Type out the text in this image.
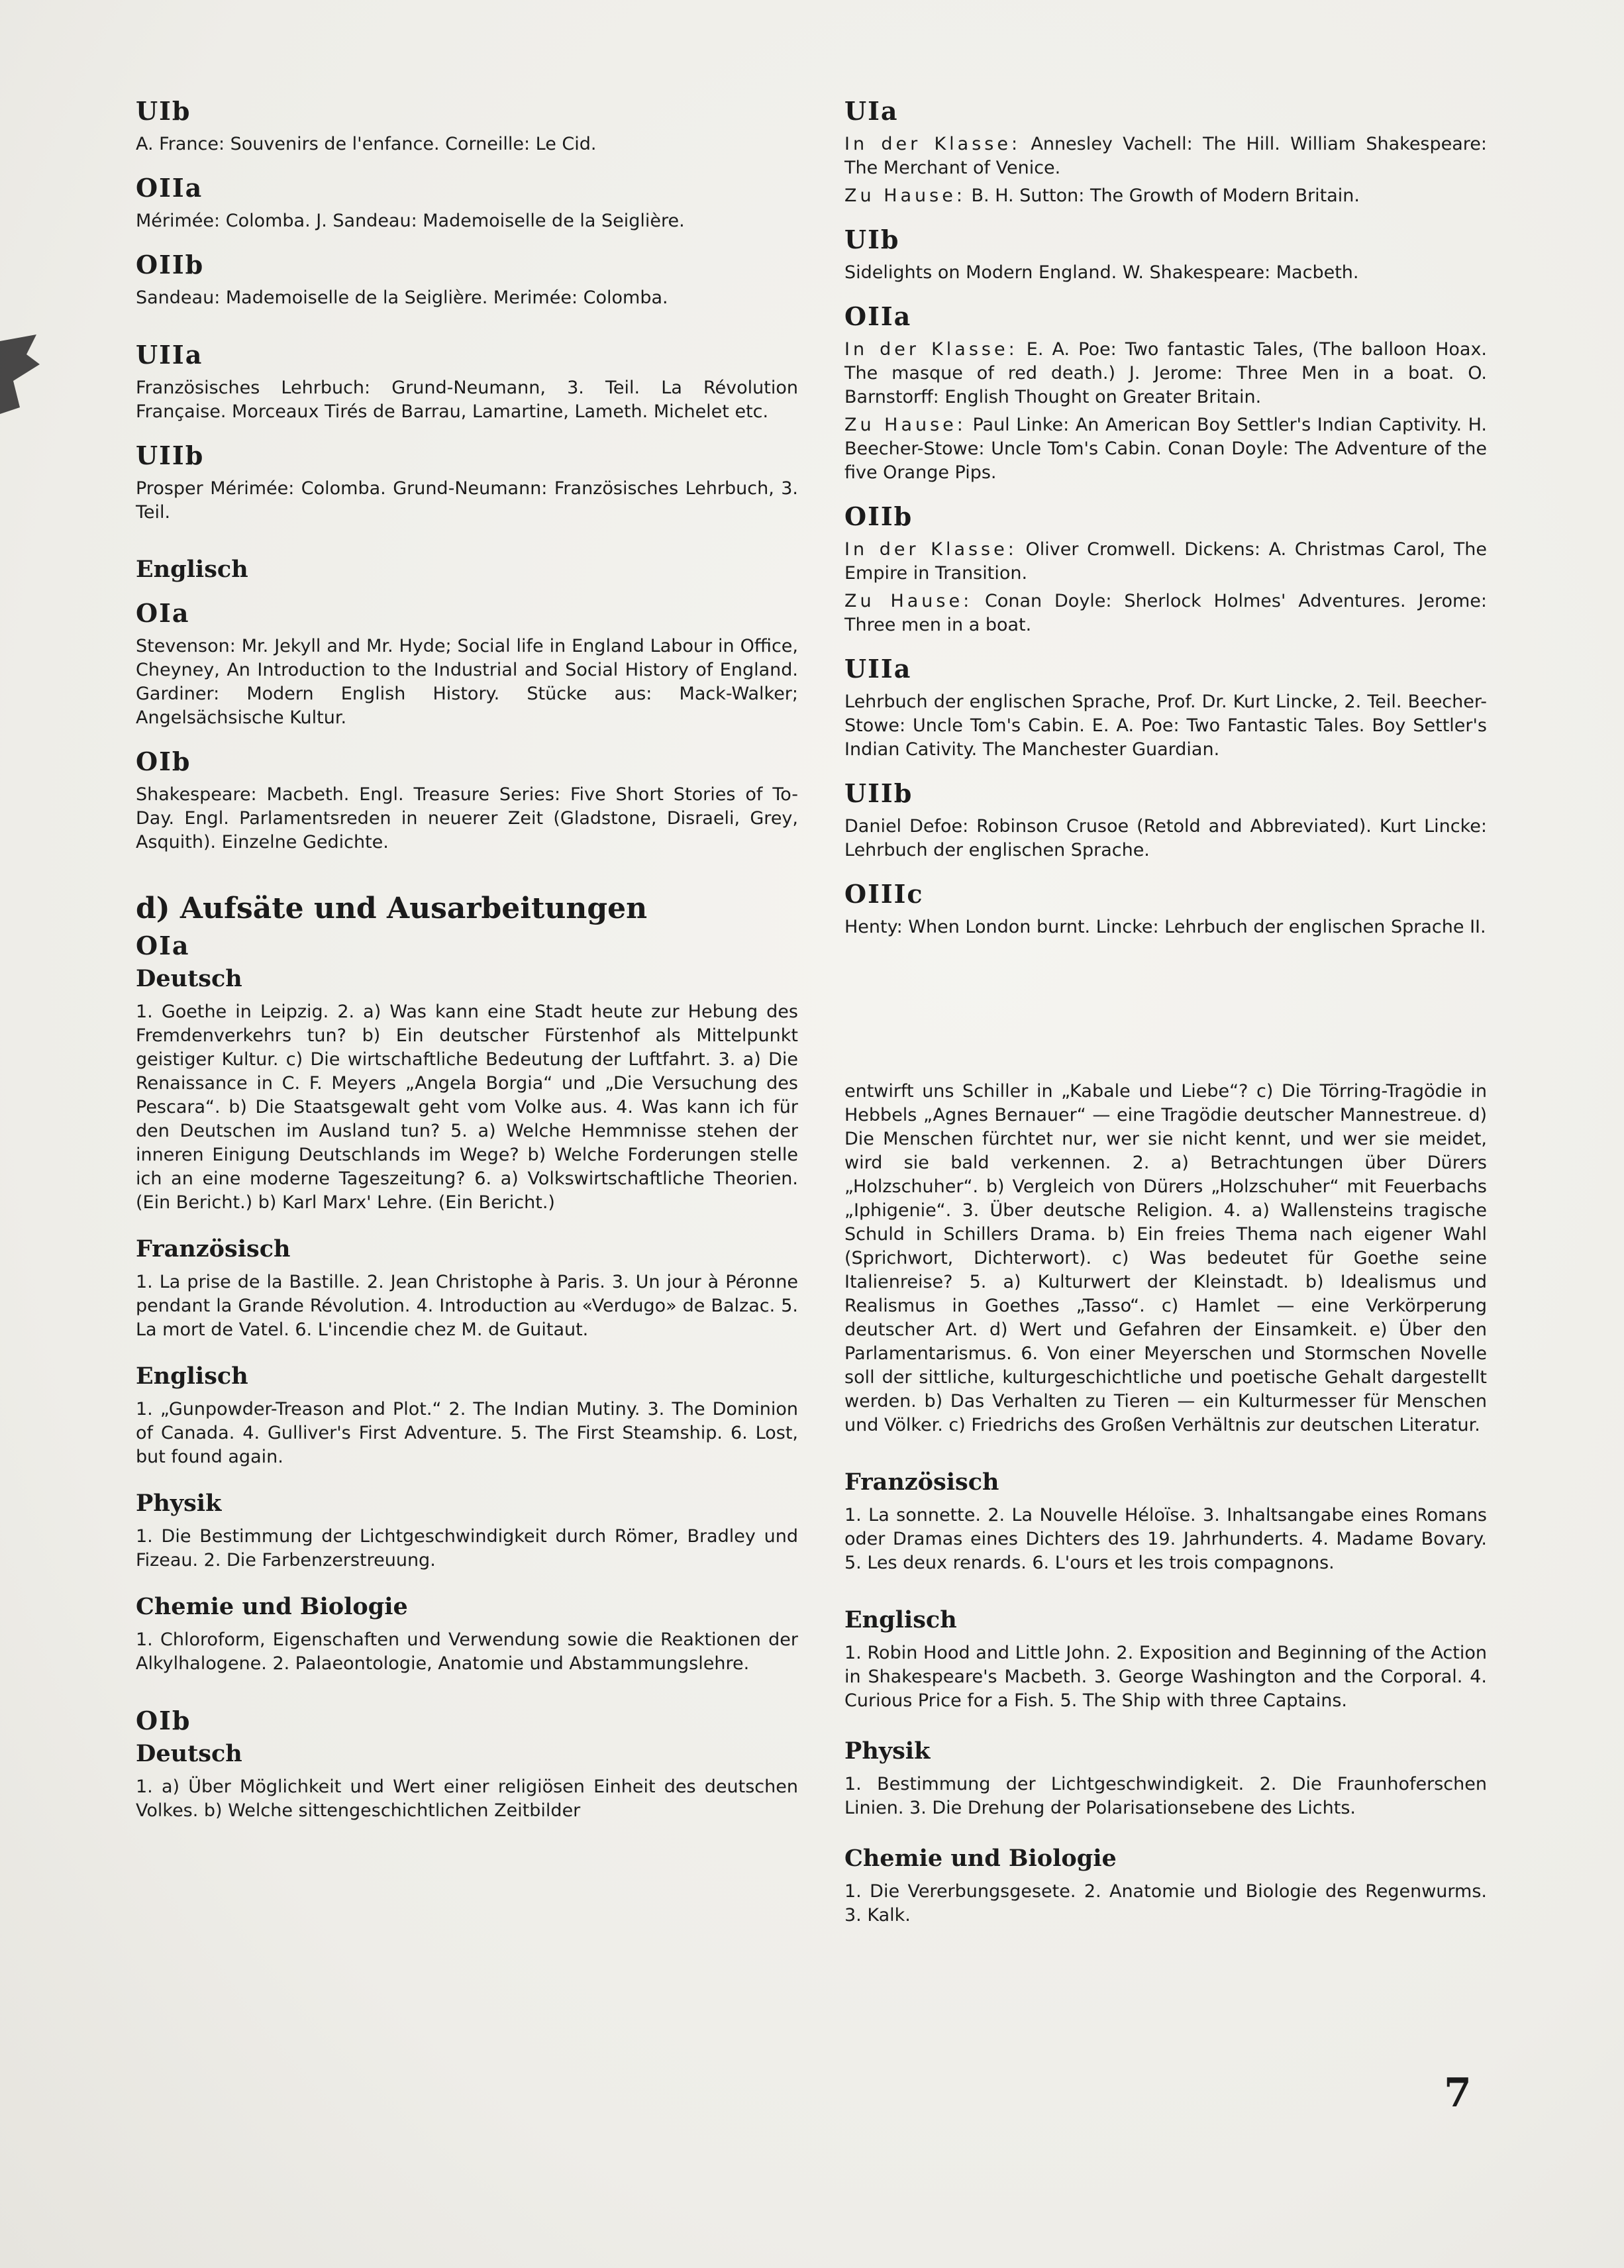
UIb

A. France: Souvenirs de l'enfance. Corneille: Le Cid.

OIIa

Mérimée: Colomba. J. Sandeau: Mademoiselle de la Seiglière.

OIIb

Sandeau: Mademoiselle de la Seiglière. Merimée: Colomba.

UIIa

Französisches Lehrbuch: Grund-Neumann, 3. Teil. La Révolution Française. Morceaux Tirés de Barrau, Lamartine, Lameth. Michelet etc.

UIIb

Prosper Mérimée: Colomba. Grund-Neumann: Französisches Lehrbuch, 3. Teil.

Englisch
OIa

Stevenson: Mr. Jekyll and Mr. Hyde; Social life in England Labour in Office, Cheyney, An Introduction to the Industrial and Social History of England. Gardiner: Modern English History. Stücke aus: Mack-Walker; Angelsächsische Kultur.

OIb

Shakespeare: Macbeth. Engl. Treasure Series: Five Short Stories of To-Day. Engl. Parlamentsreden in neuerer Zeit (Gladstone, Disraeli, Grey, Asquith). Einzelne Gedichte.

d) Aufsäte und Ausarbeitungen
OIa
Deutsch

1. Goethe in Leipzig. 2. a) Was kann eine Stadt heute zur Hebung des Fremdenverkehrs tun? b) Ein deutscher Fürstenhof als Mittelpunkt geistiger Kultur. c) Die wirtschaftliche Bedeutung der Luftfahrt. 3. a) Die Renaissance in C. F. Meyers „Angela Borgia“ und „Die Versuchung des Pescara“. b) Die Staatsgewalt geht vom Volke aus. 4. Was kann ich für den Deutschen im Ausland tun? 5. a) Welche Hemmnisse stehen der inneren Einigung Deutschlands im Wege? b) Welche Forderungen stelle ich an eine moderne Tageszeitung? 6. a) Volkswirtschaftliche Theorien. (Ein Bericht.) b) Karl Marx' Lehre. (Ein Bericht.)

Französisch

1. La prise de la Bastille. 2. Jean Christophe à Paris. 3. Un jour à Péronne pendant la Grande Révolution. 4. Introduction au «Verdugo» de Balzac. 5. La mort de Vatel. 6. L'incendie chez M. de Guitaut.

Englisch

1. „Gunpowder-Treason and Plot.“ 2. The Indian Mutiny. 3. The Dominion of Canada. 4. Gulliver's First Adventure. 5. The First Steamship. 6. Lost, but found again.

Physik

1. Die Bestimmung der Lichtgeschwindigkeit durch Römer, Bradley und Fizeau. 2. Die Farbenzerstreuung.

Chemie und Biologie

1. Chloroform, Eigenschaften und Verwendung sowie die Reaktionen der Alkylhalogene. 2. Palaeontologie, Anatomie und Abstammungslehre.

OIb
Deutsch

1. a) Über Möglichkeit und Wert einer religiösen Einheit des deutschen Volkes. b) Welche sittengeschichtlichen Zeitbilder

UIa

In der Klasse: Annesley Vachell: The Hill. William Shakespeare: The Merchant of Venice.

Zu Hause: B. H. Sutton: The Growth of Modern Britain.

UIb

Sidelights on Modern England. W. Shakespeare: Macbeth.

OIIa

In der Klasse: E. A. Poe: Two fantastic Tales, (The balloon Hoax. The masque of red death.) J. Jerome: Three Men in a boat. O. Barnstorff: English Thought on Greater Britain.

Zu Hause: Paul Linke: An American Boy Settler's Indian Captivity. H. Beecher-Stowe: Uncle Tom's Cabin. Conan Doyle: The Adventure of the five Orange Pips.

OIIb

In der Klasse: Oliver Cromwell. Dickens: A. Christmas Carol, The Empire in Transition.

Zu Hause: Conan Doyle: Sherlock Holmes' Adventures. Jerome: Three men in a boat.

UIIa

Lehrbuch der englischen Sprache, Prof. Dr. Kurt Lincke, 2. Teil. Beecher-Stowe: Uncle Tom's Cabin. E. A. Poe: Two Fantastic Tales. Boy Settler's Indian Cativity. The Manchester Guardian.

UIIb

Daniel Defoe: Robinson Crusoe (Retold and Abbreviated). Kurt Lincke: Lehrbuch der englischen Sprache.

OIIIc

Henty: When London burnt. Lincke: Lehrbuch der englischen Sprache II.

entwirft uns Schiller in „Kabale und Liebe“? c) Die Törring-Tragödie in Hebbels „Agnes Bernauer“ — eine Tragödie deutscher Mannestreue. d) Die Menschen fürchtet nur, wer sie nicht kennt, und wer sie meidet, wird sie bald verkennen. 2. a) Betrachtungen über Dürers „Holzschuher“. b) Vergleich von Dürers „Holzschuher“ mit Feuerbachs „Iphigenie“. 3. Über deutsche Religion. 4. a) Wallensteins tragische Schuld in Schillers Drama. b) Ein freies Thema nach eigener Wahl (Sprichwort, Dichterwort). c) Was bedeutet für Goethe seine Italienreise? 5. a) Kulturwert der Kleinstadt. b) Idealismus und Realismus in Goethes „Tasso“. c) Hamlet — eine Verkörperung deutscher Art. d) Wert und Gefahren der Einsamkeit. e) Über den Parlamentarismus. 6. Von einer Meyerschen und Stormschen Novelle soll der sittliche, kulturgeschichtliche und poetische Gehalt dargestellt werden. b) Das Verhalten zu Tieren — ein Kulturmesser für Menschen und Völker. c) Friedrichs des Großen Verhältnis zur deutschen Literatur.

Französisch

1. La sonnette. 2. La Nouvelle Héloïse. 3. Inhaltsangabe eines Romans oder Dramas eines Dichters des 19. Jahrhunderts. 4. Madame Bovary. 5. Les deux renards. 6. L'ours et les trois compagnons.

Englisch

1. Robin Hood and Little John. 2. Exposition and Beginning of the Action in Shakespeare's Macbeth. 3. George Washington and the Corporal. 4. Curious Price for a Fish. 5. The Ship with three Captains.

Physik

1. Bestimmung der Lichtgeschwindigkeit. 2. Die Fraunhoferschen Linien. 3. Die Drehung der Polarisationsebene des Lichts.

Chemie und Biologie

1. Die Vererbungsgesete. 2. Anatomie und Biologie des Regenwurms. 3. Kalk.

7
